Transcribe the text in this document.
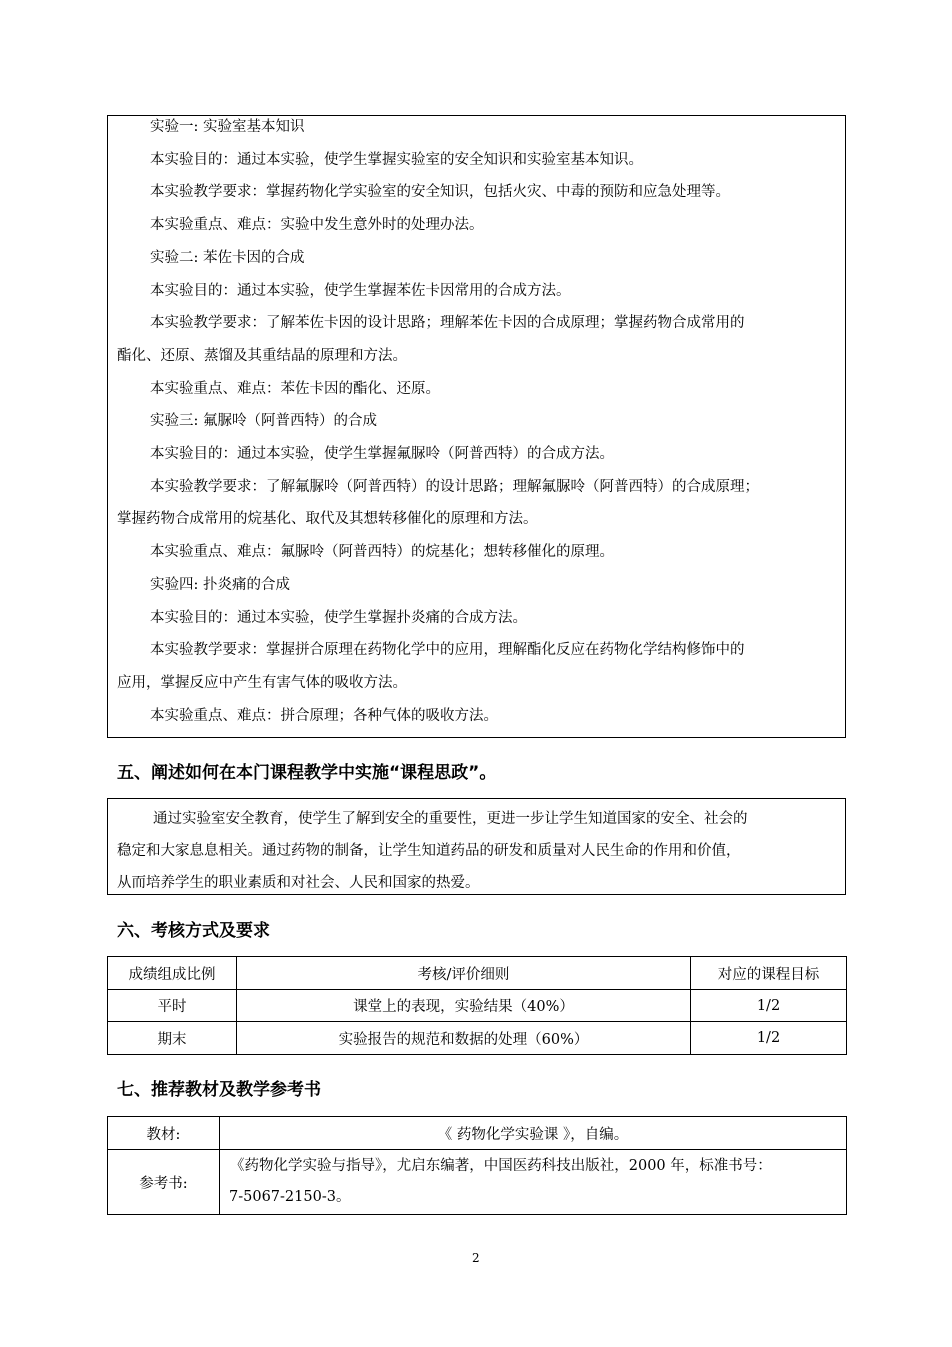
实验一: 实验室基本知识
本实验目的：通过本实验，使学生掌握实验室的安全知识和实验室基本知识。
本实验教学要求：掌握药物化学实验室的安全知识，包括火灾、中毒的预防和应急处理等。
本实验重点、难点：实验中发生意外时的处理办法。
实验二: 苯佐卡因的合成
本实验目的：通过本实验，使学生掌握苯佐卡因常用的合成方法。
本实验教学要求：了解苯佐卡因的设计思路；理解苯佐卡因的合成原理；掌握药物合成常用的
酯化、还原、蒸馏及其重结晶的原理和方法。
本实验重点、难点：苯佐卡因的酯化、还原。
实验三: 氟脲呤（阿普西特）的合成
本实验目的：通过本实验，使学生掌握氟脲呤（阿普西特）的合成方法。
本实验教学要求：了解氟脲呤（阿普西特）的设计思路；理解氟脲呤（阿普西特）的合成原理；
掌握药物合成常用的烷基化、取代及其想转移催化的原理和方法。
本实验重点、难点：氟脲呤（阿普西特）的烷基化；想转移催化的原理。
实验四: 扑炎痛的合成
本实验目的：通过本实验，使学生掌握扑炎痛的合成方法。
本实验教学要求：掌握拼合原理在药物化学中的应用，理解酯化反应在药物化学结构修饰中的
应用，掌握反应中产生有害气体的吸收方法。
本实验重点、难点：拼合原理；各种气体的吸收方法。
五、阐述如何在本门课程教学中实施“课程思政”。
通过实验室安全教育，使学生了解到安全的重要性，更进一步让学生知道国家的安全、社会的
稳定和大家息息相关。通过药物的制备，让学生知道药品的研发和质量对人民生命的作用和价值，
从而培养学生的职业素质和对社会、人民和国家的热爱。
六、考核方式及要求
成绩组成比例	考核/评价细则	对应的课程目标
平时	课堂上的表现，实验结果（40%）	1/2
期末	实验报告的规范和数据的处理（60%）	1/2
七、推荐教材及教学参考书
教材:	《 药物化学实验课 》，自编。
参考书:	《药物化学实验与指导》，尤启东编著，中国医药科技出版社，2000 年，标准书号：
7-5067-2150-3。
2
